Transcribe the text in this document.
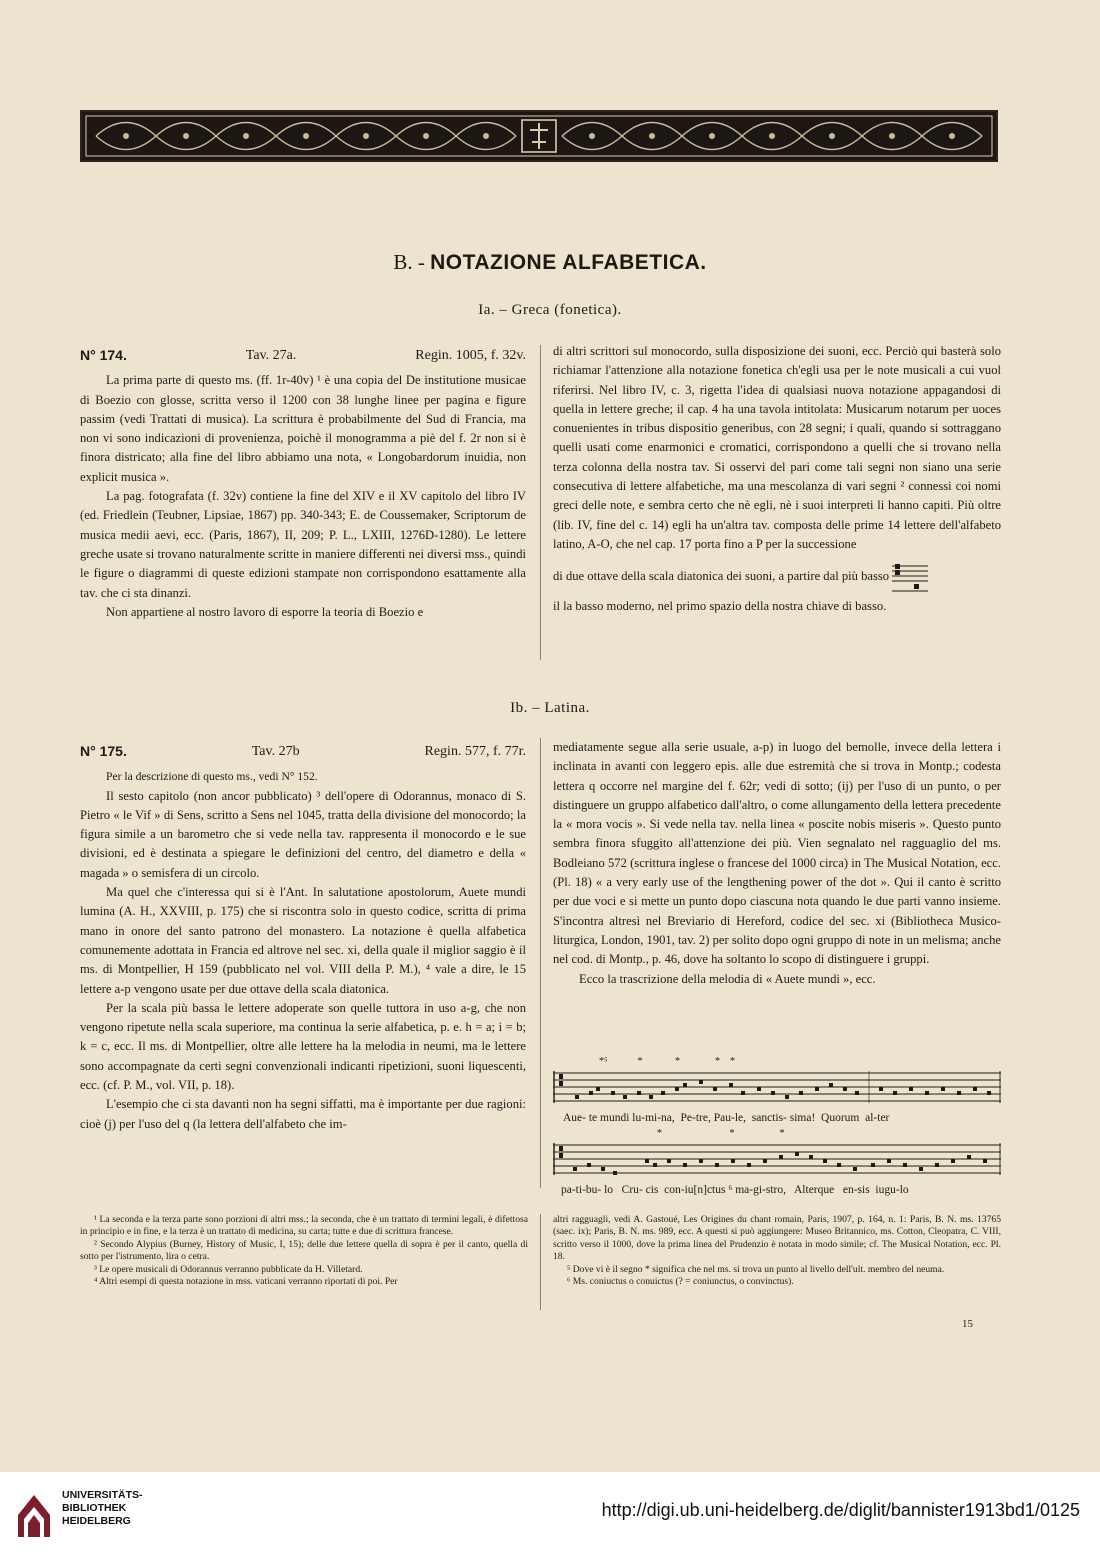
B. - NOTAZIONE ALFABETICA.
Ia. – Greca (fonetica).
N° 174.	Tav. 27a.	Regin. 1005, f. 32v.

La prima parte di questo ms. (ff. 1r-40v) ¹ è una copia del De institutione musicae di Boezio con glosse, scritta verso il 1200 con 38 lunghe linee per pagina e figure passim (vedi Trattati di musica). La scrittura è probabilmente del Sud di Francia, ma non vi sono indicazioni di provenienza, poichè il monogramma a piè del f. 2r non si è finora districato; alla fine del libro abbiamo una nota, « Longobardorum inuidia, non explicit musica ».

La pag. fotografata (f. 32v) contiene la fine del XIV e il XV capitolo del libro IV (ed. Friedlein (Teubner, Lipsiae, 1867) pp. 340-343; E. de Coussemaker, Scriptorum de musica medii aevi, ecc. (Paris, 1867), II, 209; P. L., LXIII, 1276D-1280). Le lettere greche usate si trovano naturalmente scritte in maniere differenti nei diversi mss., quindi le figure o diagrammi di queste edizioni stampate non corrispondono esattamente alla tav. che ci sta dinanzi.

Non appartiene al nostro lavoro di esporre la teoria di Boezio e

di altri scrittori sul monocordo, sulla disposizione dei suoni, ecc. Perciò qui basterà solo richiamar l'attenzione alla notazione fonetica ch'egli usa per le note musicali a cui vuol riferirsi. Nel libro IV, c. 3, rigetta l'idea di qualsiasi nuova notazione appagandosi di quella in lettere greche; il cap. 4 ha una tavola intitolata: Musicarum notarum per uoces conuenientes in tribus dispositio generibus, con 28 segni; i quali, quando si sottraggano quelli usati come enarmonici e cromatici, corrispondono a quelli che si trovano nella terza colonna della nostra tav. Si osservi del pari come tali segni non siano una serie consecutiva di lettere alfabetiche, ma una mescolanza di vari segni ² connessi coi nomi greci delle note, e sembra certo che nè egli, nè i suoi interpreti li hanno capiti. Più oltre (lib. IV, fine del c. 14) egli ha un'altra tav. composta delle prime 14 lettere dell'alfabeto latino, A-O, che nel cap. 17 porta fino a P per la successione

di due ottave della scala diatonica dei suoni, a partire dal più basso

il la basso moderno, nel primo spazio della nostra chiave di basso.

Ib. – Latina.
N° 175.	Tav. 27b	Regin. 577, f. 77r.

Per la descrizione di questo ms., vedi N° 152.

Il sesto capitolo (non ancor pubblicato) ³ dell'opere di Odorannus, monaco di S. Pietro « le Vif » di Sens, scritto a Sens nel 1045, tratta della divisione del monocordo; la figura simile a un barometro che si vede nella tav. rappresenta il monocordo e le sue divisioni, ed è destinata a spiegare le definizioni del centro, del diametro e della « magada » o semisfera di un circolo.

Ma quel che c'interessa qui si è l'Ant. In salutatione apostolorum, Auete mundi lumina (A. H., XXVIII, p. 175) che si riscontra solo in questo codice, scritta di prima mano in onore del santo patrono del monastero. La notazione è quella alfabetica comunemente adottata in Francia ed altrove nel sec. xi, della quale il miglior saggio è il ms. di Montpellier, H 159 (pubblicato nel vol. VIII della P. M.), ⁴ vale a dire, le 15 lettere a-p vengono usate per due ottave della scala diatonica.

Per la scala più bassa le lettere adoperate son quelle tuttora in uso a-g, che non vengono ripetute nella scala superiore, ma continua la serie alfabetica, p. e. h = a; i = b; k = c, ecc. Il ms. di Montpellier, oltre alle lettere ha la melodia in neumi, ma le lettere sono accompagnate da certi segni convenzionali indicanti ripetizioni, suoni liquescenti, ecc. (cf. P. M., vol. VII, p. 18).

L'esempio che ci sta davanti non ha segni siffatti, ma è importante per due ragioni: cioè (j) per l'uso del q (la lettera dell'alfabeto che im-

mediatamente segue alla serie usuale, a-p) in luogo del bemolle, invece della lettera i inclinata in avanti con leggero epis. alle due estremità che si trova in Montp.; codesta lettera q occorre nel margine del f. 62r; vedi di sotto; (ij) per l'uso di un punto, o per distinguere un gruppo alfabetico dall'altro, o come allungamento della lettera precedente la « mora vocis ». Si vede nella tav. nella linea « poscite nobis miseris ». Questo punto sembra finora sfuggito all'attenzione dei più. Vien segnalato nel ragguaglio del ms. Bodleiano 572 (scrittura inglese o francese del 1000 circa) in The Musical Notation, ecc. (Pl. 18) « a very early use of the lengthening power of the dot ». Qui il canto è scritto per due voci e si mette un punto dopo ciascuna nota quando le due parti vanno insieme. S'incontra altresì nel Breviario di Hereford, codice del sec. xi (Bibliotheca Musico-liturgica, London, 1901, tav. 2) per solito dopo ogni gruppo di note in un melisma; anche nel cod. di Montp., p. 46, dove ha soltanto lo scopo di distinguere i gruppi.

Ecco la trascrizione della melodia di « Auete mundi », ecc.

*⁵            *             *              *    *
Aue- te mundi lu-mi-na,  Pe-tre, Pau-le,  sanctis- sima!  Quorum  al-ter
*                           *                  *
pa-ti-bu- lo   Cru- cis  con-iu[n]ctus ⁶ ma-gi-stro,   Alterque   en-sis  iugu-lo

¹ La seconda e la terza parte sono porzioni di altri mss.; la seconda, che è un trattato di termini legali, è difettosa in principio e in fine, e la terza è un trattato di medicina, su carta; tutte e due di scrittura francese.

² Secondo Alypius (Burney, History of Music, I, 15); delle due lettere quella di sopra è per il canto, quella di sotto per l'istrumento, lira o cetra.

³ Le opere musicali di Odorannus verranno pubblicate da H. Villetard.

⁴ Altri esempi di questa notazione in mss. vaticani verranno riportati di poi. Per

altri ragguagli, vedi A. Gastoué, Les Origines du chant romain, Paris, 1907, p. 164, n. 1: Paris, B. N. ms. 13765 (saec. ix); Paris, B. N. ms. 989, ecc. A questi si può aggiungere: Museo Britannico, ms. Cotton, Cleopatra, C. VIII, scritto verso il 1000, dove la prima linea del Prudenzio è notata in modo simile; cf. The Musical Notation, ecc. Pl. 18.

⁵ Dove vi è il segno * significa che nel ms. si trova un punto al livello dell'ult. membro del neuma.

⁶ Ms. coniuctus o conuictus (? = coniunctus, o convinctus).

15
UNIVERSITÄTS-
BIBLIOTHEK
HEIDELBERG
http://digi.ub.uni-heidelberg.de/diglit/bannister1913bd1/0125
